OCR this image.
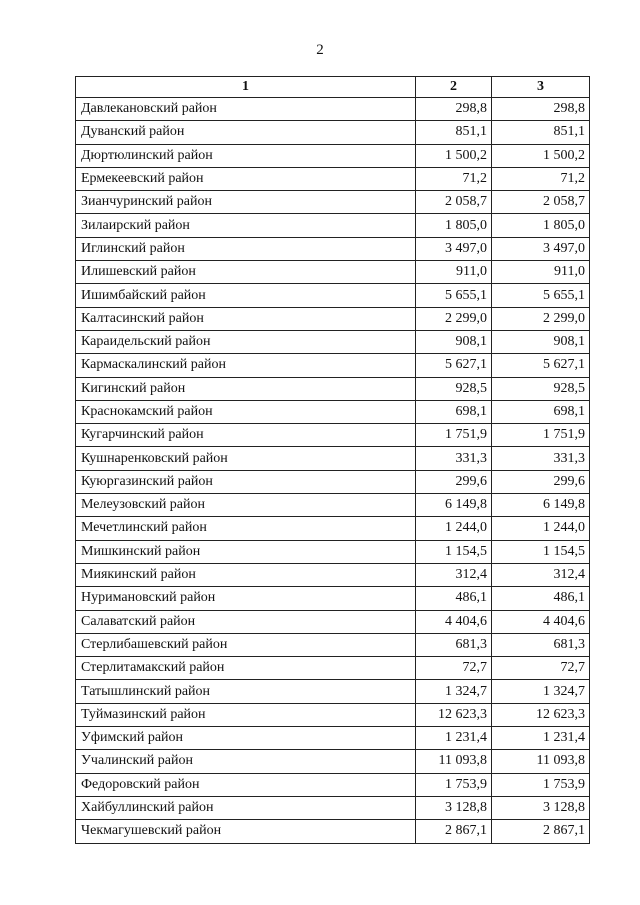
2
1	2	3
Давлекановский район	298,8	298,8
Дуванский район	851,1	851,1
Дюртюлинский район	1 500,2	1 500,2
Ермекеевский район	71,2	71,2
Зианчуринский район	2 058,7	2 058,7
Зилаирский район	1 805,0	1 805,0
Иглинский район	3 497,0	3 497,0
Илишевский район	911,0	911,0
Ишимбайский район	5 655,1	5 655,1
Калтасинский район	2 299,0	2 299,0
Караидельский район	908,1	908,1
Кармаскалинский район	5 627,1	5 627,1
Кигинский район	928,5	928,5
Краснокамский район	698,1	698,1
Кугарчинский район	1 751,9	1 751,9
Кушнаренковский район	331,3	331,3
Куюргазинский район	299,6	299,6
Мелеузовский район	6 149,8	6 149,8
Мечетлинский район	1 244,0	1 244,0
Мишкинский район	1 154,5	1 154,5
Миякинский район	312,4	312,4
Нуримановский район	486,1	486,1
Салаватский район	4 404,6	4 404,6
Стерлибашевский район	681,3	681,3
Стерлитамакский район	72,7	72,7
Татышлинский район	1 324,7	1 324,7
Туймазинский район	12 623,3	12 623,3
Уфимский район	1 231,4	1 231,4
Учалинский район	11 093,8	11 093,8
Федоровский район	1 753,9	1 753,9
Хайбуллинский район	3 128,8	3 128,8
Чекмагушевский район	2 867,1	2 867,1
